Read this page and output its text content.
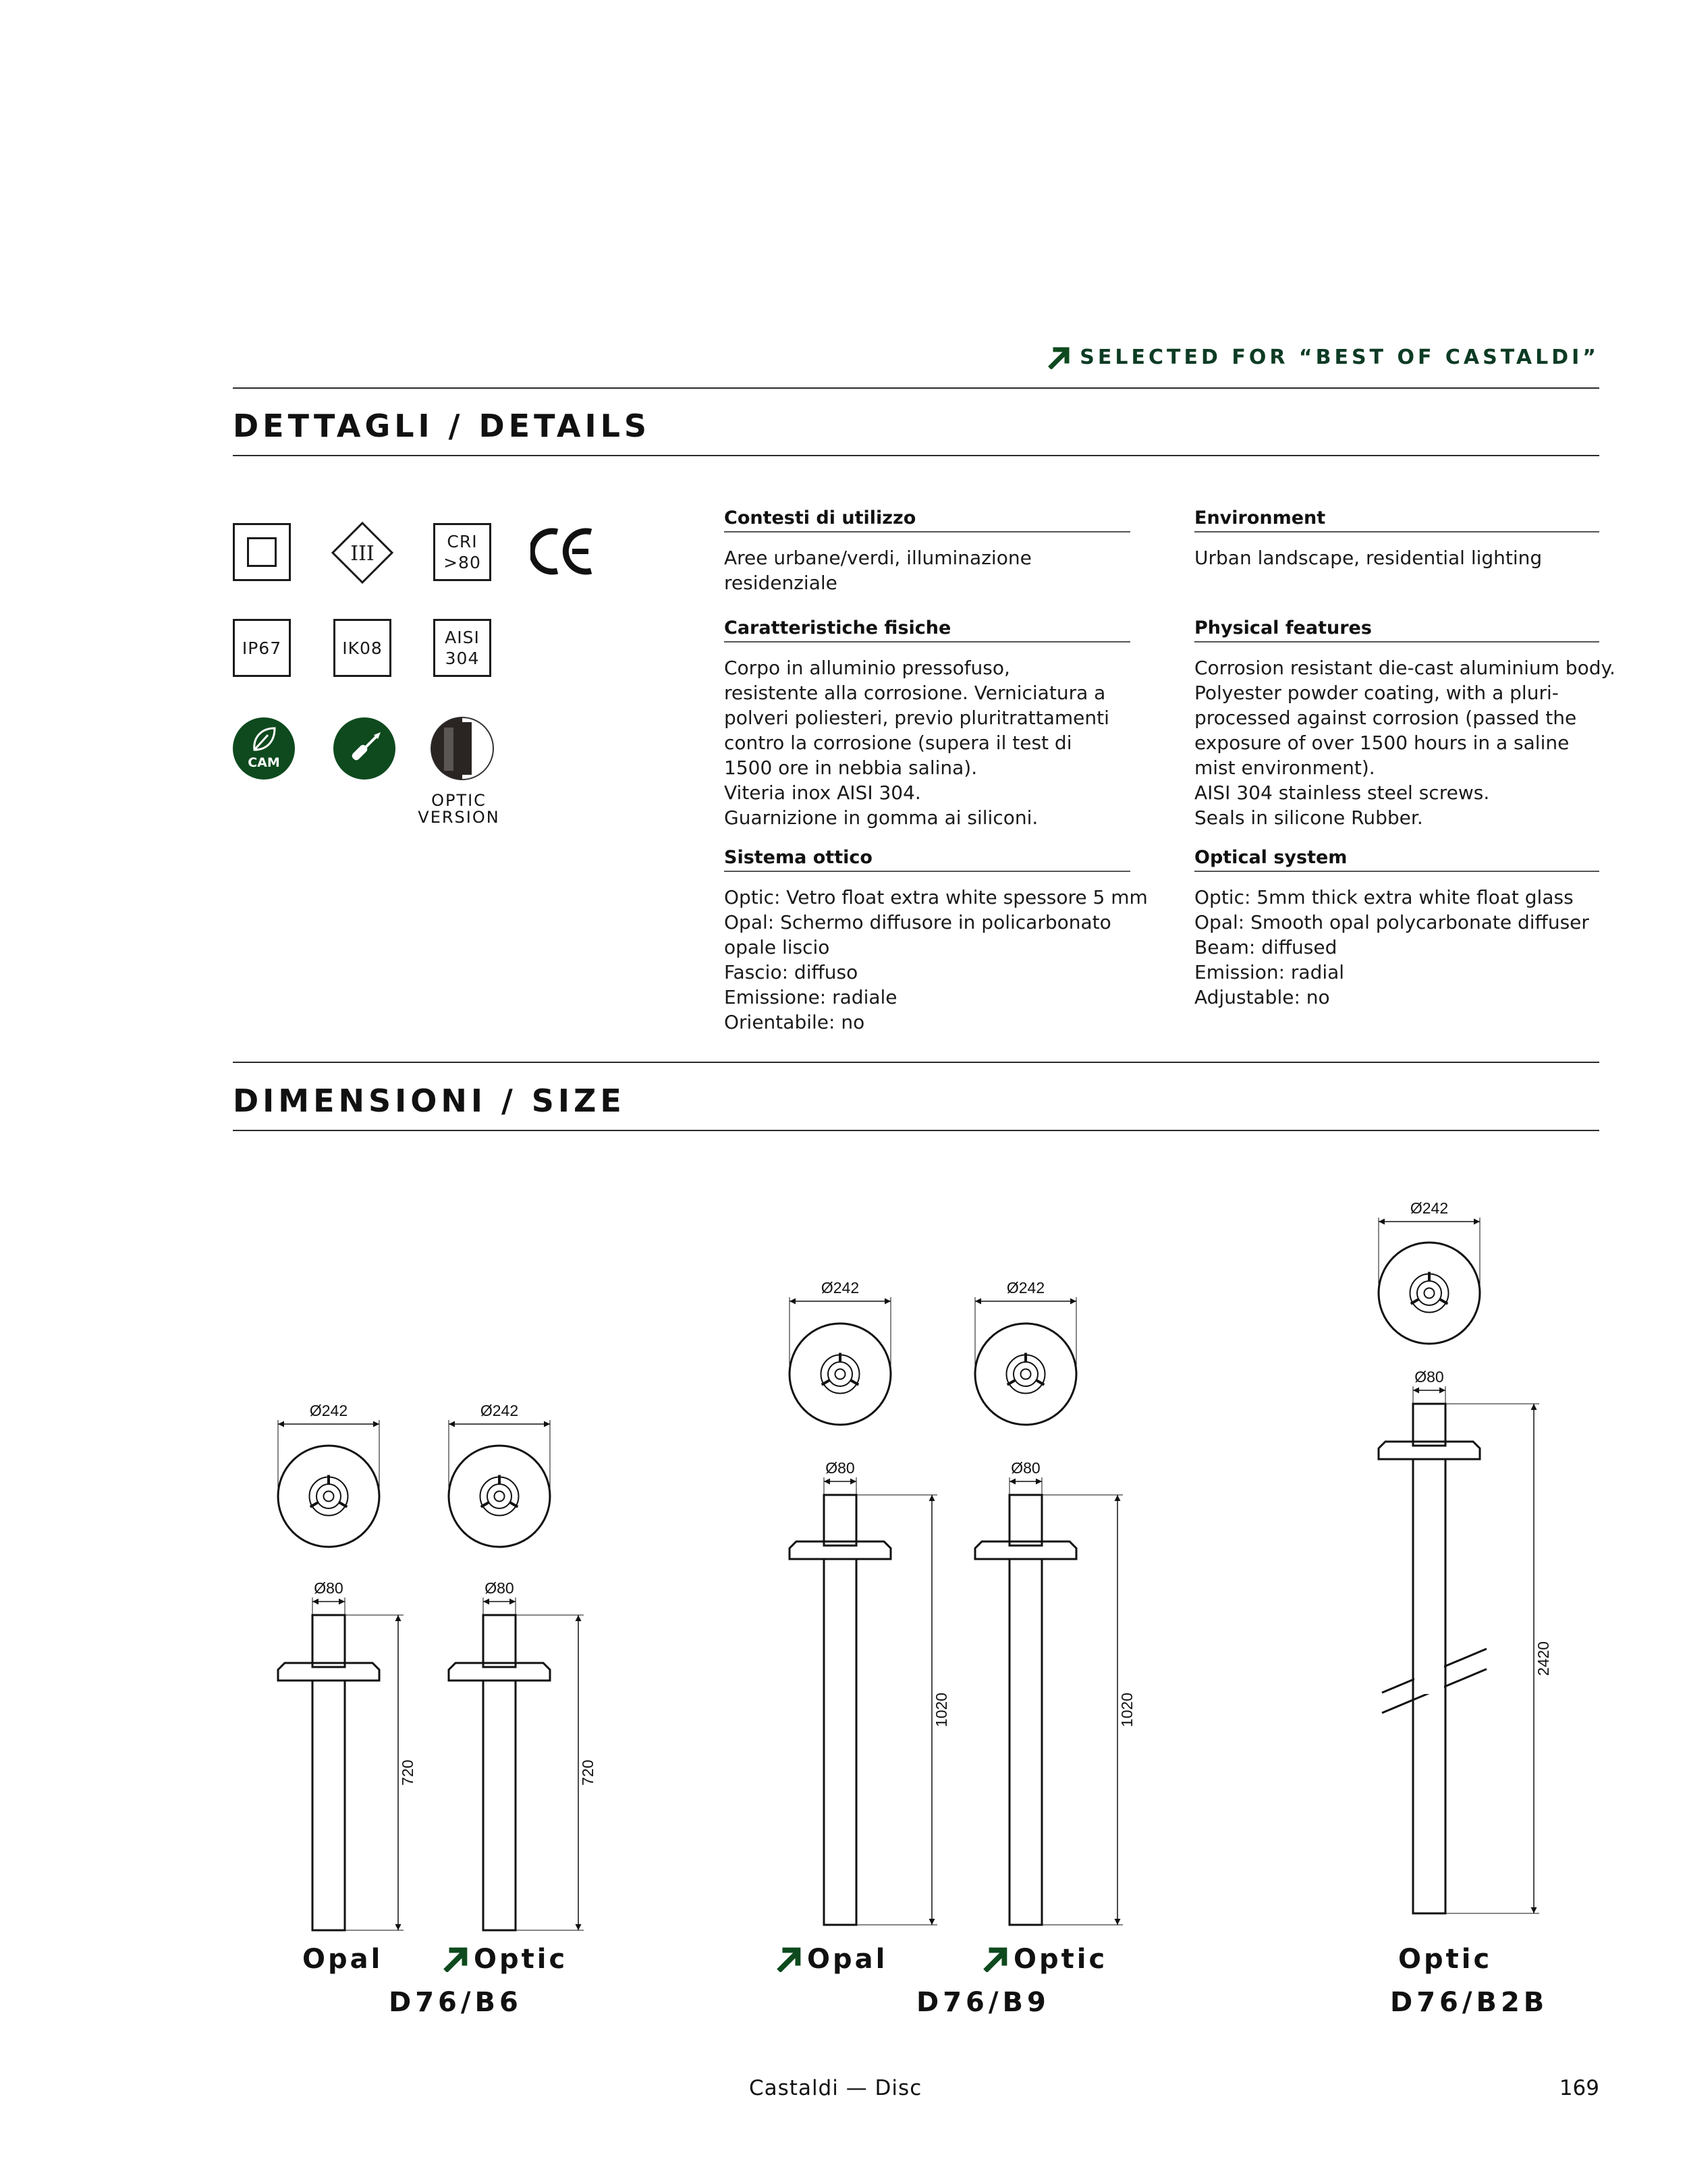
SELECTED FOR “BEST OF CASTALDI”
DETTAGLI / DETAILS
III
CRI
>80
IP67	IK08
AISI
304
CAM
OPTIC
VERSION
Contesti di utilizzo
Aree urbane/verdi, illuminazione
residenziale
Caratteristiche fisiche
Corpo in alluminio pressofuso,
resistente alla corrosione. Verniciatura a
polveri poliesteri, previo pluritrattamenti
contro la corrosione (supera il test di
1500 ore in nebbia salina).
Viteria inox AISI 304.
Guarnizione in gomma ai siliconi.
Sistema ottico
Optic: Vetro float extra white spessore 5 mm
Opal: Schermo diffusore in policarbonato
opale liscio
Fascio: diffuso
Emissione: radiale
Orientabile: no
Environment
Urban landscape, residential lighting
Physical features
Corrosion resistant die-cast aluminium body.
Polyester powder coating, with a pluri-
processed against corrosion (passed the
exposure of over 1500 hours in a saline
mist environment).
AISI 304 stainless steel screws.
Seals in silicone Rubber.
Optical system
Optic: 5mm thick extra white float glass
Opal: Smooth opal polycarbonate diffuser
Beam: diffused
Emission: radial
Adjustable: no
DIMENSIONI / SIZE
Ø242
Ø80
720
Ø242
Ø80
720
Ø242
Ø80
1020
Ø242
Ø80
1020
Ø242
Ø80
2420
Opal	Optic
D76/B6
Opal	Optic
D76/B9
Optic
D76/B2B
Castaldi — Disc	169
